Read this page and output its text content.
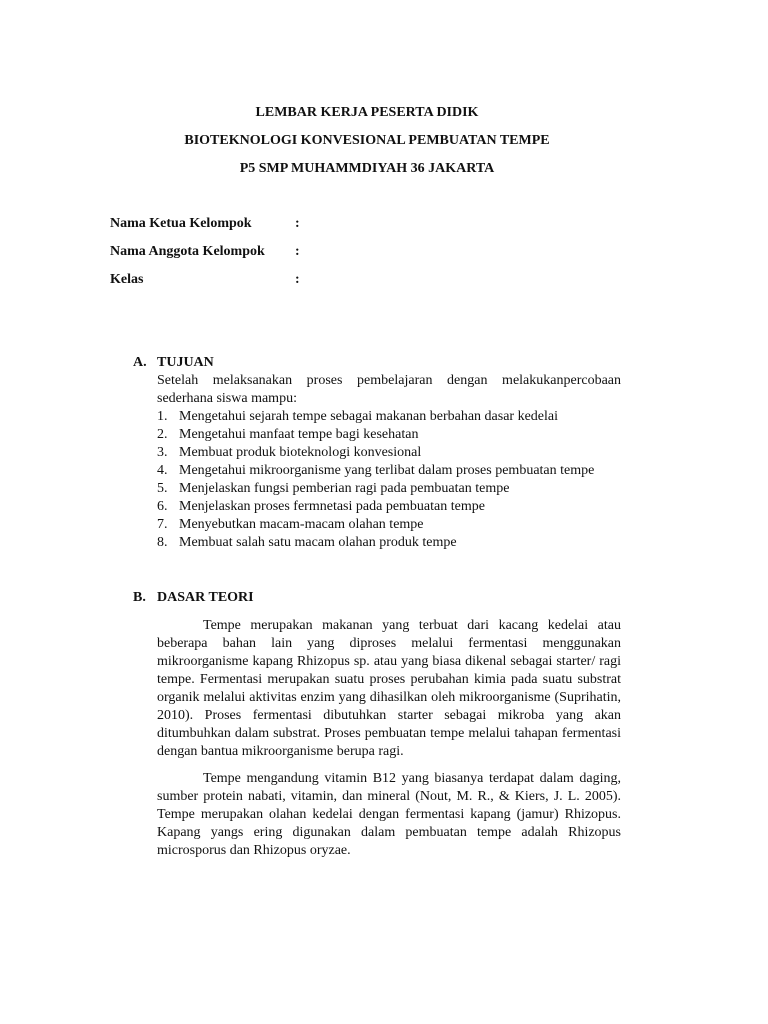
LEMBAR KERJA PESERTA DIDIK
BIOTEKNOLOGI KONVESIONAL PEMBUATAN TEMPE
P5 SMP MUHAMMDIYAH 36 JAKARTA
Nama Ketua Kelompok	:
Nama Anggota Kelompok :
Kelas	:
A. TUJUAN

Setelah melaksanakan proses pembelajaran dengan melakukanpercobaan sederhana siswa mampu:

1. Mengetahui sejarah tempe sebagai makanan berbahan dasar kedelai
2. Mengetahui manfaat tempe bagi kesehatan
3. Membuat produk bioteknologi konvesional
4. Mengetahui mikroorganisme yang terlibat dalam proses pembuatan tempe
5. Menjelaskan fungsi pemberian ragi pada pembuatan tempe
6. Menjelaskan proses fermnetasi pada pembuatan tempe
7. Menyebutkan macam-macam olahan tempe
8. Membuat salah satu macam olahan produk tempe
B. DASAR TEORI

Tempe merupakan makanan yang terbuat dari kacang kedelai atau beberapa bahan lain yang diproses melalui fermentasi menggunakan mikroorganisme kapang Rhizopus sp. atau yang biasa dikenal sebagai starter/ ragi tempe. Fermentasi merupakan suatu proses perubahan kimia pada suatu substrat organik melalui aktivitas enzim yang dihasilkan oleh mikroorganisme (Suprihatin, 2010). Proses fermentasi dibutuhkan starter sebagai mikroba yang akan ditumbuhkan dalam substrat. Proses pembuatan tempe melalui tahapan fermentasi dengan bantua mikroorganisme berupa ragi.

Tempe mengandung vitamin B12 yang biasanya terdapat dalam daging, sumber protein nabati, vitamin, dan mineral (Nout, M. R., & Kiers, J. L. 2005). Tempe merupakan olahan kedelai dengan fermentasi kapang (jamur) Rhizopus. Kapang yangs ering digunakan dalam pembuatan tempe adalah Rhizopus microsporus dan Rhizopus oryzae.
